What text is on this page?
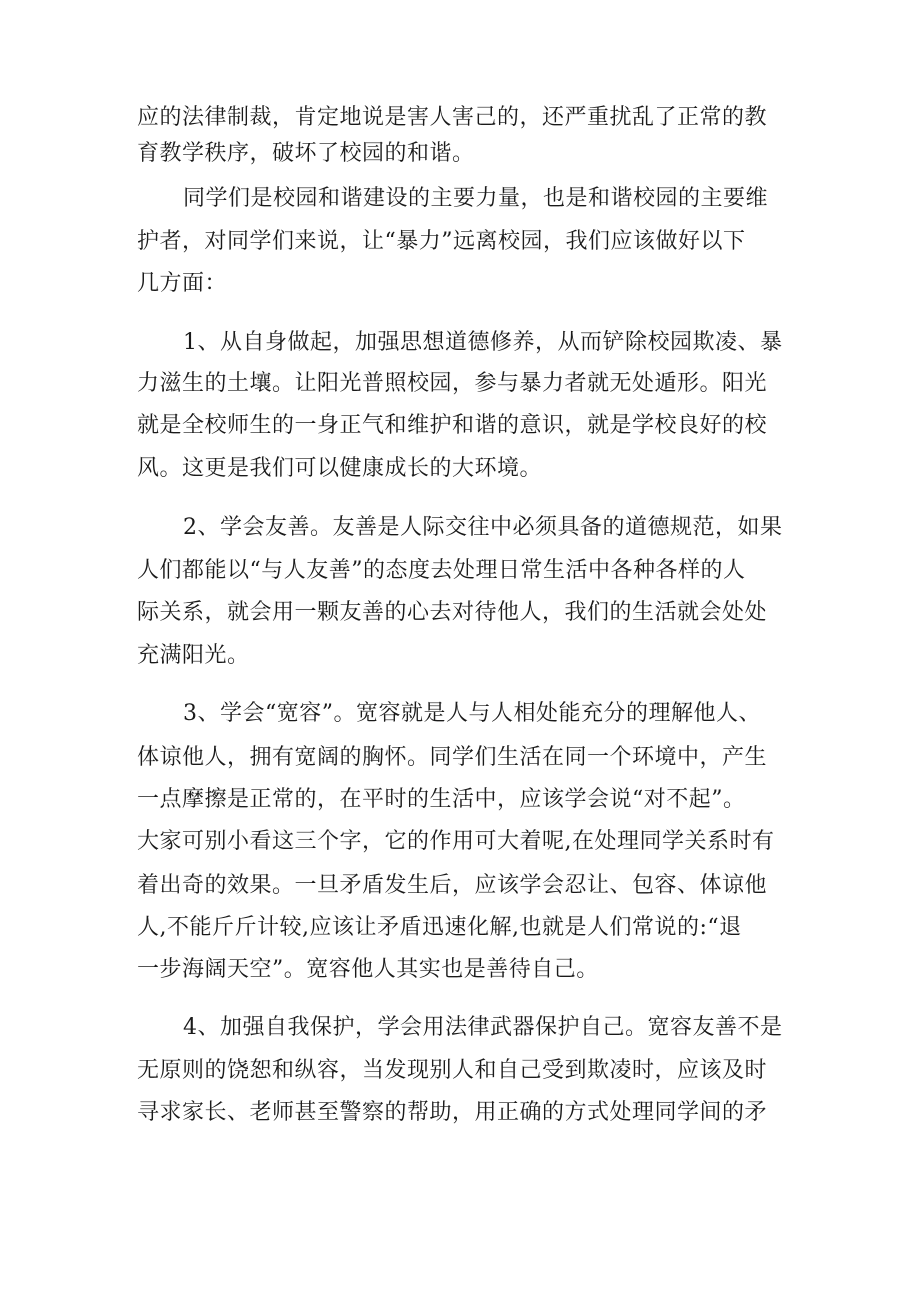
应的法律制裁，肯定地说是害人害己的，还严重扰乱了正常的教
育教学秩序，破坏了校园的和谐。
同学们是校园和谐建设的主要力量，也是和谐校园的主要维
护者，对同学们来说，让“暴力”远离校园，我们应该做好以下
几方面：
1、从自身做起，加强思想道德修养，从而铲除校园欺凌、暴
力滋生的土壤。让阳光普照校园，参与暴力者就无处遁形。阳光
就是全校师生的一身正气和维护和谐的意识，就是学校良好的校
风。这更是我们可以健康成长的大环境。
2、学会友善。友善是人际交往中必须具备的道德规范，如果
人们都能以“与人友善”的态度去处理日常生活中各种各样的人
际关系，就会用一颗友善的心去对待他人，我们的生活就会处处
充满阳光。
3、学会“宽容”。宽容就是人与人相处能充分的理解他人、
体谅他人，拥有宽阔的胸怀。同学们生活在同一个环境中，产生
一点摩擦是正常的，在平时的生活中，应该学会说“对不起”。
大家可别小看这三个字，它的作用可大着呢,在处理同学关系时有
着出奇的效果。一旦矛盾发生后，应该学会忍让、包容、体谅他
人,不能斤斤计较,应该让矛盾迅速化解,也就是人们常说的:“退
一步海阔天空”。宽容他人其实也是善待自己。
4、加强自我保护，学会用法律武器保护自己。宽容友善不是
无原则的饶恕和纵容，当发现别人和自己受到欺凌时，应该及时
寻求家长、老师甚至警察的帮助，用正确的方式处理同学间的矛
